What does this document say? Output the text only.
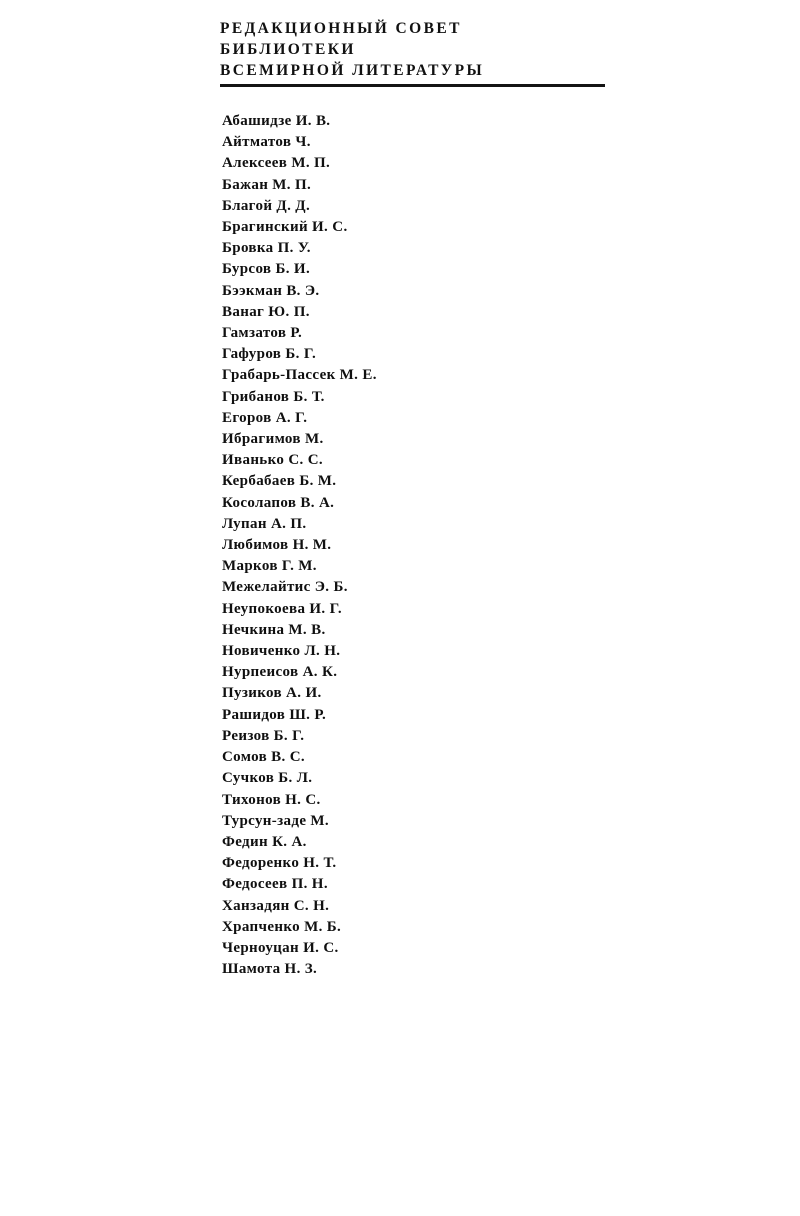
РЕДАКЦИОННЫЙ СОВЕТ
БИБЛИОТЕКИ
ВСЕМИРНОЙ ЛИТЕРАТУРЫ
Абашидзе И. В.
Айтматов Ч.
Алексеев М. П.
Бажан М. П.
Благой Д. Д.
Брагинский И. С.
Бровка П. У.
Бурсов Б. И.
Бээкман В. Э.
Ванаг Ю. П.
Гамзатов Р.
Гафуров Б. Г.
Грабарь-Пассек М. Е.
Грибанов Б. Т.
Егоров А. Г.
Ибрагимов М.
Иванько С. С.
Кербабаев Б. М.
Косолапов В. А.
Лупан А. П.
Любимов Н. М.
Марков Г. М.
Межелайтис Э. Б.
Неупокоева И. Г.
Нечкина М. В.
Новиченко Л. Н.
Нурпеисов А. К.
Пузиков А. И.
Рашидов Ш. Р.
Реизов Б. Г.
Сомов В. С.
Сучков Б. Л.
Тихонов Н. С.
Турсун-заде М.
Федин К. А.
Федоренко Н. Т.
Федосеев П. Н.
Ханзадян С. Н.
Храпченко М. Б.
Черноуцан И. С.
Шамота Н. З.
